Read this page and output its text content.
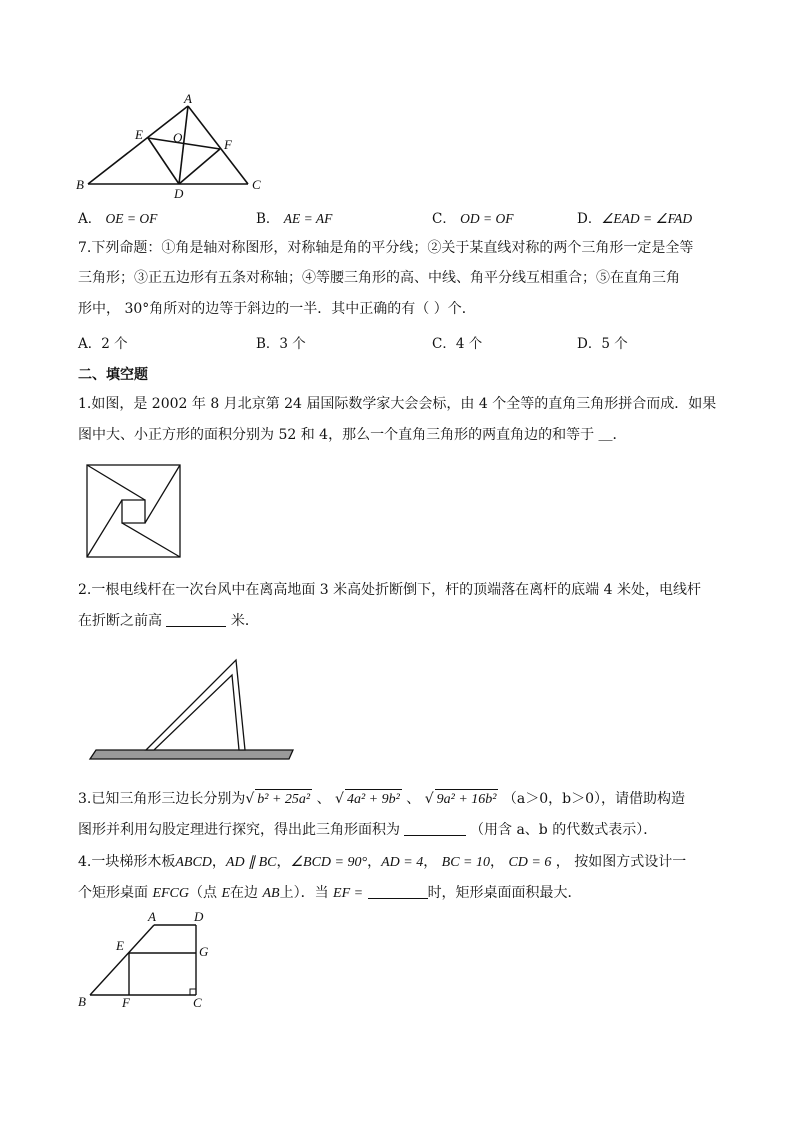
A
E O	F
B
D
C
A． OE = OF	B． AE = AF	C． OD = OF	D．∠EAD = ∠FAD
7.下列命题：①角是轴对称图形，对称轴是角的平分线；②关于某直线对称的两个三角形一定是全等
三角形；③正五边形有五条对称轴；④等腰三角形的高、中线、角平分线互相重合；⑤在直角三角
形中， 30°角所对的边等于斜边的一半．其中正确的有（ ）个．
A．2 个	B．3 个	C．4 个	D．5 个
二、填空题
1.如图，是 2002 年 8 月北京第 24 届国际数学家大会会标，由 4 个全等的直角三角形拼合而成．如果
图中大、小正方形的面积分别为 52 和 4，那么一个直角三角形的两直角边的和等于 ＿．
2.一根电线杆在一次台风中在离高地面 3 米高处折断倒下，杆的顶端落在离杆的底端 4 米处，电线杆
在折断之前高	米．
3.已知三角形三边长分别为√ b² + 25a² 、 √ 4a² + 9b² 、 √ 9a² + 16b² （a＞0，b＞0），请借助构造
图形并利用勾股定理进行探究，得出此三角形面积为	（用含 a、b 的代数式表示）．
4.一块梯形木板ABCD，AD ∥ BC，∠BCD = 90°，AD = 4， BC = 10， CD = 6 ， 按如图方式设计一
个矩形桌面 EFCG（点 E在边 AB上）．当 EF =	时，矩形桌面面积最大．
A	D
E	G
B	F	C
